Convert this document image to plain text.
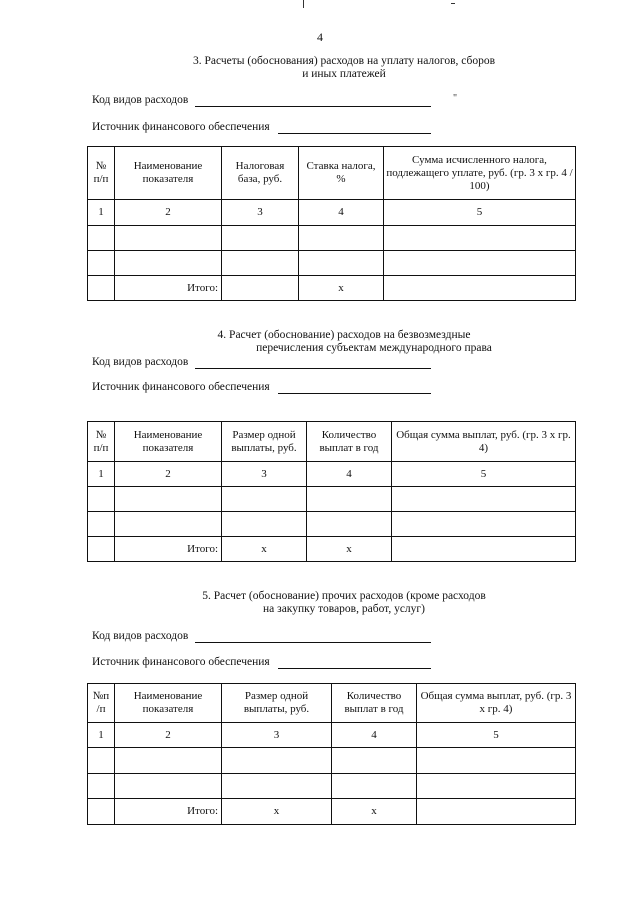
4
3. Расчеты (обоснования) расходов на уплату налогов, сборов
и иных платежей
Код видов расходов	"
Источник финансового обеспечения
№ п/п	Наименование показателя	Налоговая база, руб.	Ставка налога, %	Сумма исчисленного налога, подлежащего уплате, руб. (гр. 3 х гр. 4 / 100)
1	2	3	4	5

	Итого:		x	
4. Расчет (обоснование) расходов на безвозмездные
перечисления субъектам международного права
Код видов расходов
Источник финансового обеспечения
№ п/п	Наименование показателя	Размер одной выплаты, руб.	Количество выплат в год	Общая сумма выплат, руб. (гр. 3 х гр. 4)
1	2	3	4	5

	Итого:	x	x	
5. Расчет (обоснование) прочих расходов (кроме расходов
на закупку товаров, работ, услуг)
Код видов расходов
Источник финансового обеспечения
№п /п	Наименование показателя	Размер одной выплаты, руб.	Количество выплат в год	Общая сумма выплат, руб. (гр. 3 х гр. 4)
1	2	3	4	5

	Итого:	x	x	
